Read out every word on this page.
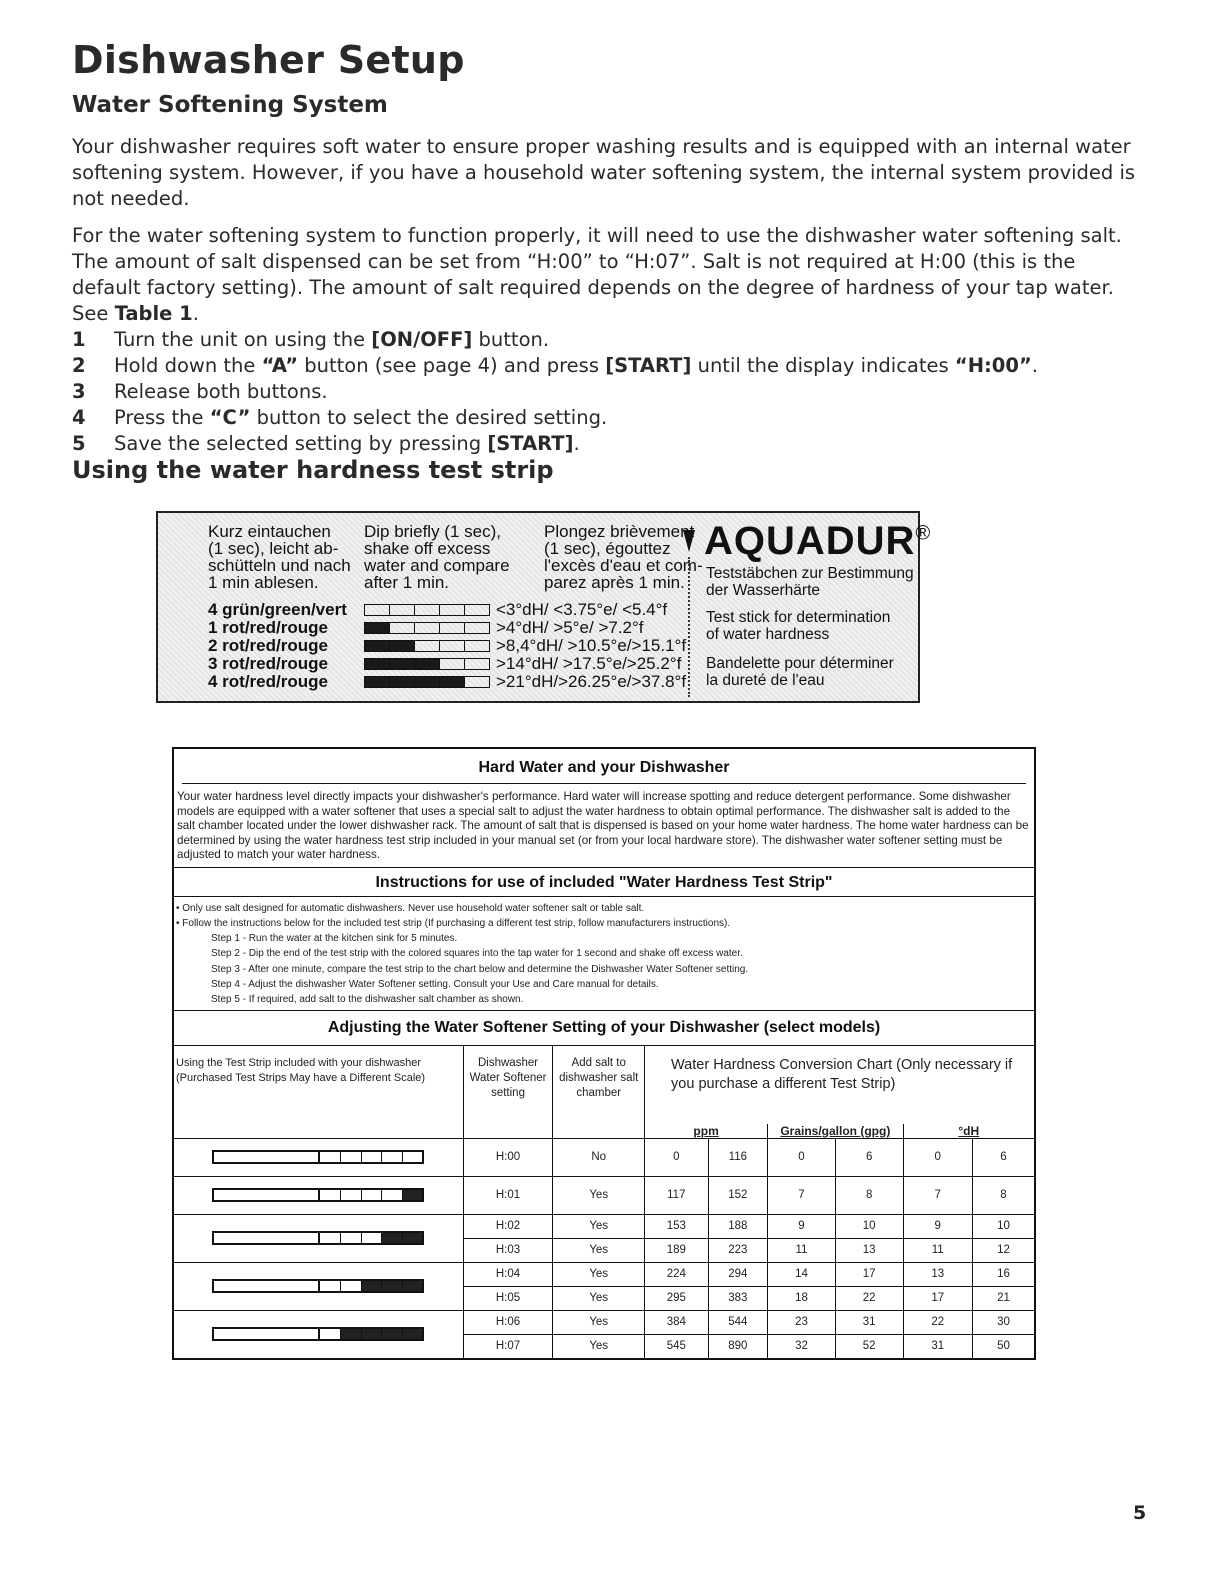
Dishwasher Setup
Water Softening System

Your dishwasher requires soft water to ensure proper washing results and is equipped with an internal water softening system. However, if you have a household water softening system, the internal system provided is not needed.

For the water softening system to function properly, it will need to use the dishwasher water softening salt. The amount of salt dispensed can be set from “H:00” to “H:07”. Salt is not required at H:00 (this is the default factory setting). The amount of salt required depends on the degree of hardness of your tap water. See Table 1.

1	Turn the unit on using the [ON/OFF] button.
2	Hold down the “A” button (see page 4) and press [START] until the display indicates “H:00”.
3	Release both buttons.
4	Press the “C” button to select the desired setting.
5	Save the selected setting by pressing [START].
Using the water hardness test strip
Kurz eintauchen
(1 sec), leicht ab-
schütteln und nach
1 min ablesen.
Dip briefly (1 sec),
shake off excess
water and compare
after 1 min.
Plongez brièvement
(1 sec), égouttez
l'excès d'eau et com-
parez après 1 min.
4 grün/green/vert	<3°dH/ <3.75°e/ <5.4°f
1 rot/red/rouge	>4°dH/ >5°e/ >7.2°f
2 rot/red/rouge	>8,4°dH/ >10.5°e/>15.1°f
3 rot/red/rouge	>14°dH/ >17.5°e/>25.2°f
4 rot/red/rouge	>21°dH/>26.25°e/>37.8°f
AQUADUR®
Teststäbchen zur Bestimmung
der Wasserhärte
Test stick for determination
of water hardness
Bandelette pour déterminer
la dureté de l'eau
Hard Water and your Dishwasher
Your water hardness level directly impacts your dishwasher's performance. Hard water will increase spotting and reduce detergent performance. Some dishwasher models are equipped with a water softener that uses a special salt to adjust the water hardness to obtain optimal performance. The dishwasher salt is added to the salt chamber located under the lower dishwasher rack. The amount of salt that is dispensed is based on your home water hardness. The home water hardness can be determined by using the water hardness test strip included in your manual set (or from your local hardware store). The dishwasher water softener setting must be adjusted to match your water hardness.
Instructions for use of included "Water Hardness Test Strip"
• Only use salt designed for automatic dishwashers. Never use household water softener salt or table salt.
• Follow the instructions below for the included test strip (If purchasing a different test strip, follow manufacturers instructions).
Step 1 - Run the water at the kitchen sink for 5 minutes.
Step 2 - Dip the end of the test strip with the colored squares into the tap water for 1 second and shake off excess water.
Step 3 - After one minute, compare the test strip to the chart below and determine the Dishwasher Water Softener setting.
Step 4 - Adjust the dishwasher Water Softener setting. Consult your Use and Care manual for details.
Step 5 - If required, add salt to the dishwasher salt chamber as shown.
Adjusting the Water Softener Setting of your Dishwasher (select models)
Using the Test Strip included with your dishwasher (Purchased Test Strips May have a Different Scale)	Dishwasher Water Softener setting	Add salt to dishwasher salt chamber	Water Hardness Conversion Chart (Only necessary if you purchase a different Test Strip)					
			ppm		Grains/gallon (gpg)		°dH	

	H:00	No	0	116	0	6	0	6

	H:01	Yes	117	152	7	8	7	8

	H:02	Yes	153	188	9	10	9	10
	H:03	Yes	189	223	11	13	11	12

	H:04	Yes	224	294	14	17	13	16
	H:05	Yes	295	383	18	22	17	21

	H:06	Yes	384	544	23	31	22	30
	H:07	Yes	545	890	32	52	31	50
5
